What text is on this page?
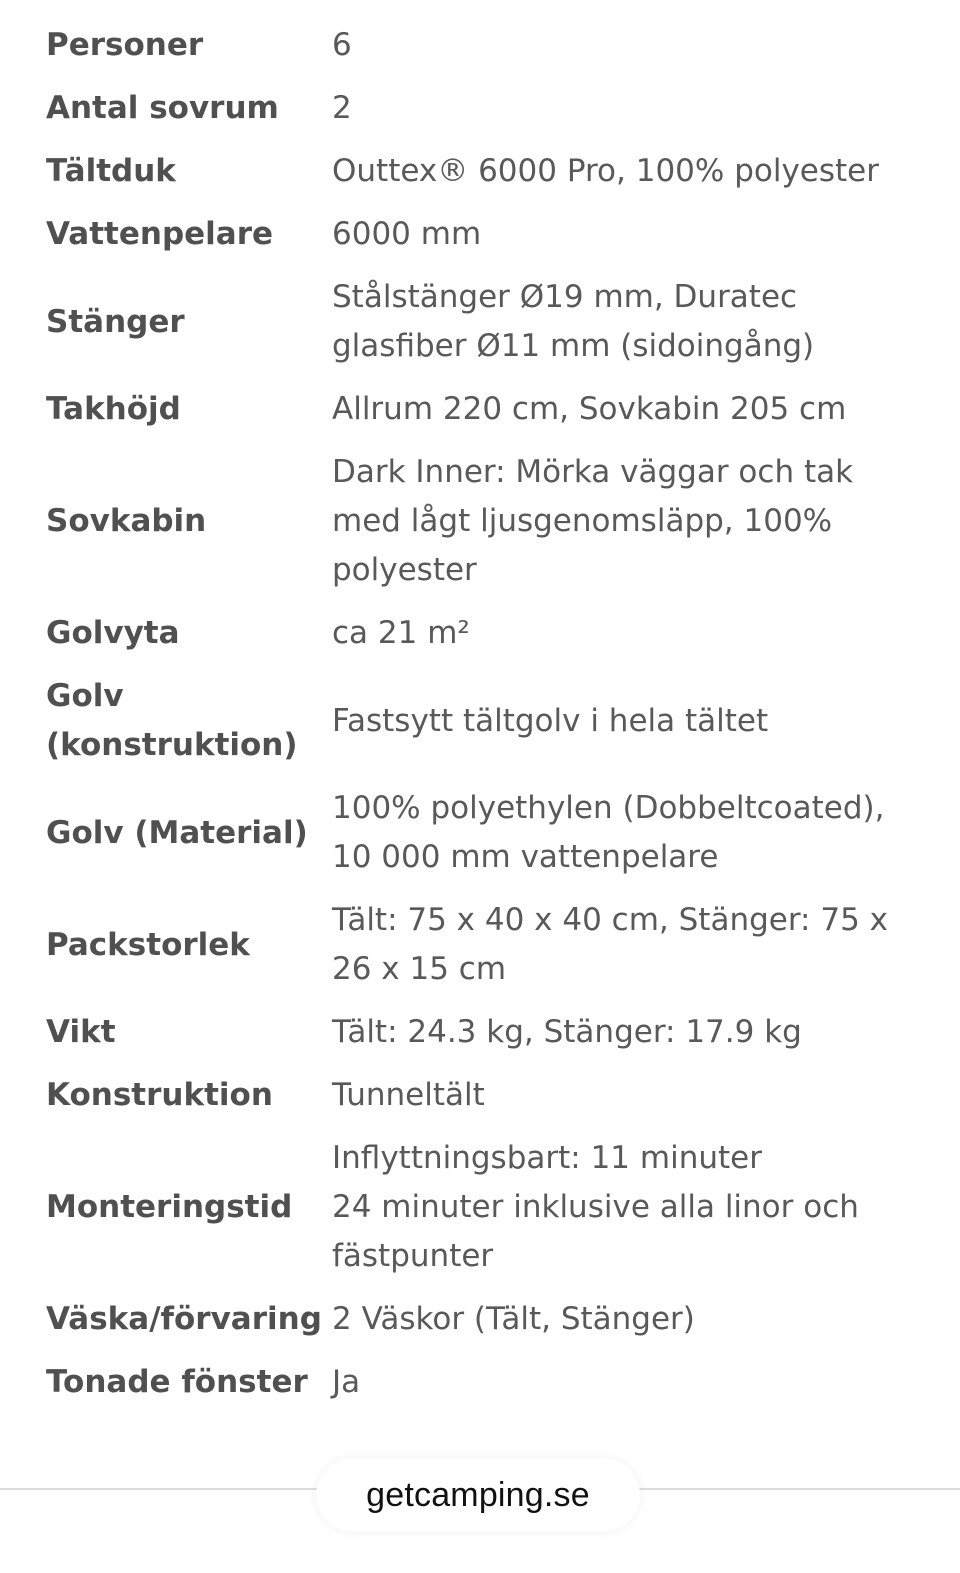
Personer	6
Antal sovrum	2
Tältduk	Outtex® 6000 Pro, 100% polyester
Vattenpelare	6000 mm
Stänger	Stålstänger Ø19 mm, Duratec glasfiber Ø11 mm (sidoingång)
Takhöjd	Allrum 220 cm, Sovkabin 205 cm
Sovkabin	Dark Inner: Mörka väggar och tak med lågt ljusgenomsläpp, 100% polyester
Golvyta	ca 21 m²
Golv (konstruktion)	Fastsytt tältgolv i hela tältet
Golv (Material)	100% polyethylen (Dobbeltcoated), 10 000 mm vattenpelare
Packstorlek	Tält: 75 x 40 x 40 cm, Stänger: 75 x 26 x 15 cm
Vikt	Tält: 24.3 kg, Stänger: 17.9 kg
Konstruktion	Tunneltält
Monteringstid	Inflyttningsbart: 11 minuter
24 minuter inklusive alla linor och fästpunter
Väska/förvaring	2 Väskor (Tält, Stänger)
Tonade fönster	Ja
getcamping.se
